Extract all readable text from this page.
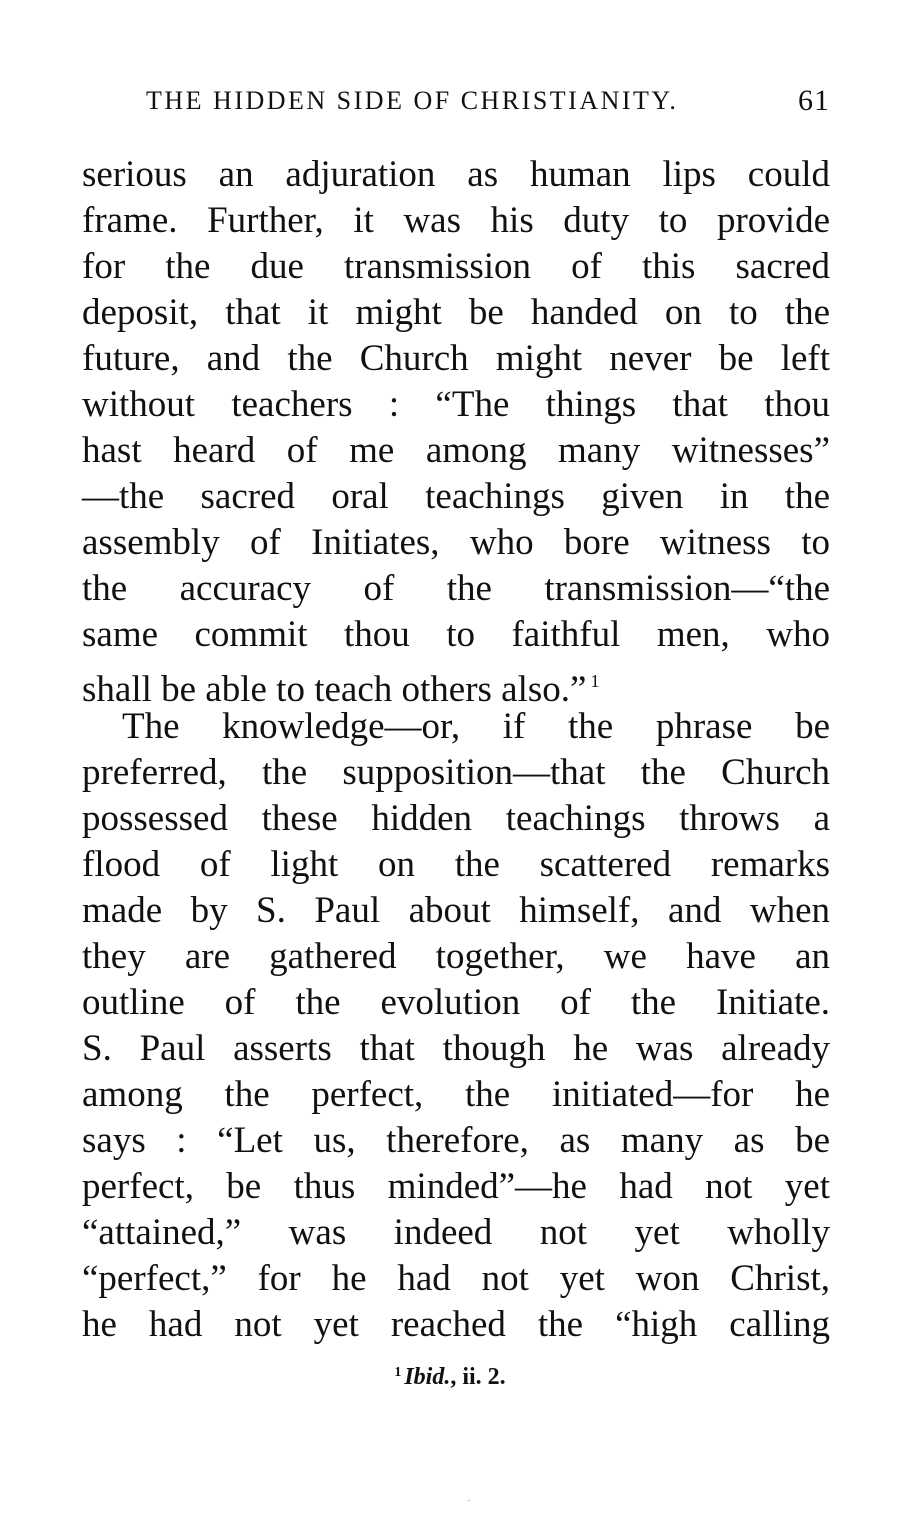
THE HIDDEN SIDE OF CHRISTIANITY.	61
serious an adjuration as human lips could
frame. Further, it was his duty to provide
for the due transmission of this sacred
deposit, that it might be handed on to the
future, and the Church might never be left
without teachers : “The things that thou
hast heard of me among many witnesses”
—the sacred oral teachings given in the
assembly of Initiates, who bore witness to
the accuracy of the transmission—“the
same commit thou to faithful men, who
shall be able to teach others also.” $^1$
The knowledge—or, if the phrase be
preferred, the supposition—that the Church
possessed these hidden teachings throws a
flood of light on the scattered remarks
made by S. Paul about himself, and when
they are gathered together, we have an
outline of the evolution of the Initiate.
S. Paul asserts that though he was already
among the perfect, the initiated—for he
says : “Let us, therefore, as many as be
perfect, be thus minded”—he had not yet
“attained,” was indeed not yet wholly
“perfect,” for he had not yet won Christ,
he had not yet reached the “high calling
$^1$ Ibid., ii. 2.
